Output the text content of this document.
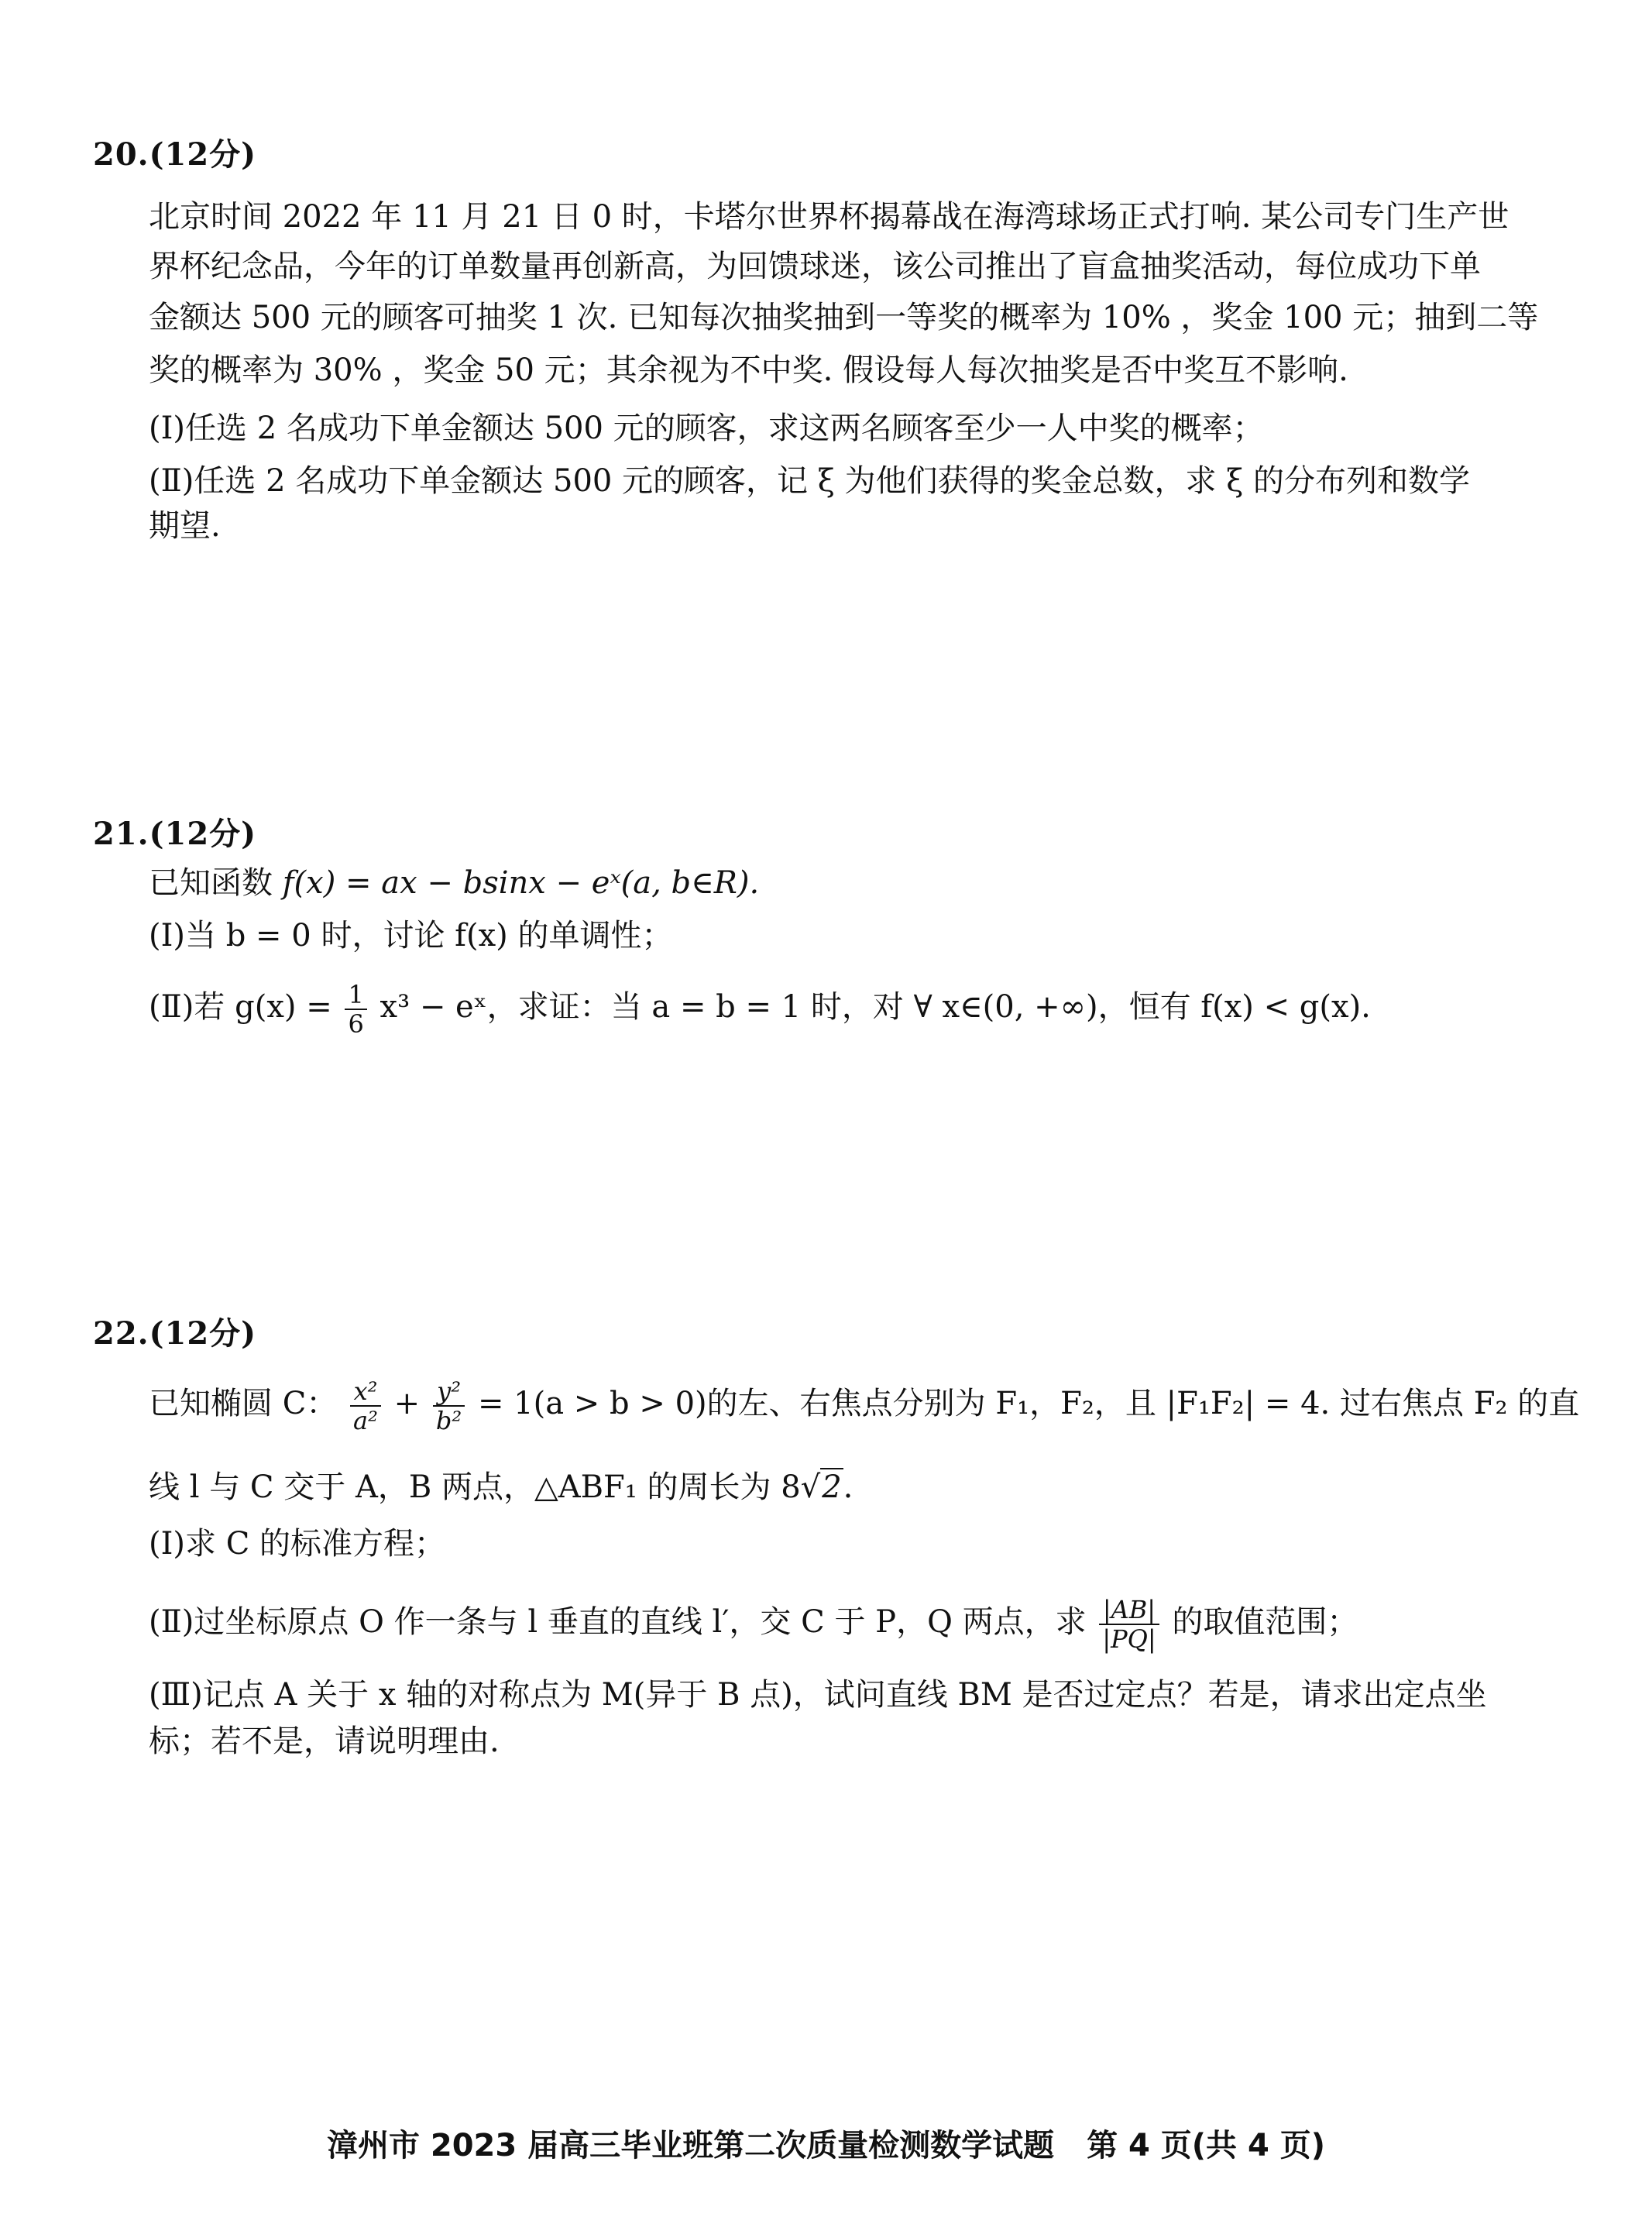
20.(12分)
北京时间 2022 年 11 月 21 日 0 时，卡塔尔世界杯揭幕战在海湾球场正式打响. 某公司专门生产世
界杯纪念品，今年的订单数量再创新高，为回馈球迷，该公司推出了盲盒抽奖活动，每位成功下单
金额达 500 元的顾客可抽奖 1 次. 已知每次抽奖抽到一等奖的概率为 10% ，奖金 100 元；抽到二等
奖的概率为 30% ，奖金 50 元；其余视为不中奖. 假设每人每次抽奖是否中奖互不影响.
(Ⅰ)任选 2 名成功下单金额达 500 元的顾客，求这两名顾客至少一人中奖的概率；
(Ⅱ)任选 2 名成功下单金额达 500 元的顾客，记 ξ 为他们获得的奖金总数，求 ξ 的分布列和数学
期望.
21.(12分)
已知函数 f(x) = ax − bsinx − eˣ(a, b∈R).
(Ⅰ)当 b = 0 时，讨论 f(x) 的单调性；
(Ⅱ)若 $g(x) = \frac{1}{6} x^3$ − eˣ，求证：当 a = b = 1 时，对 ∀ x∈(0, +∞)，恒有 f(x) < g(x).
22.(12分)
已知椭圆 C： $\frac{\text{x²}}{\text{a²}} + \frac{\text{y²}}{\text{b²}} = 1(a > b > 0)$的左、右焦点分别为 F₁，F₂，且 |F₁F₂| = 4. 过右焦点 F₂ 的直
线 l 与 C 交于 A，B 两点，△ABF₁ 的周长为 8√2.
(Ⅰ)求 C 的标准方程；
(Ⅱ)过坐标原点 O 作一条与 l 垂直的直线 l′，交 C 于 P，Q 两点，求 $\frac{|AB|}{|PQ|}$ 的取值范围；
(Ⅲ)记点 A 关于 x 轴的对称点为 M(异于 B 点)，试问直线 BM 是否过定点？若是，请求出定点坐
标；若不是，请说明理由.
漳州市 2023 届高三毕业班第二次质量检测数学试题 第 4 页(共 4 页)
